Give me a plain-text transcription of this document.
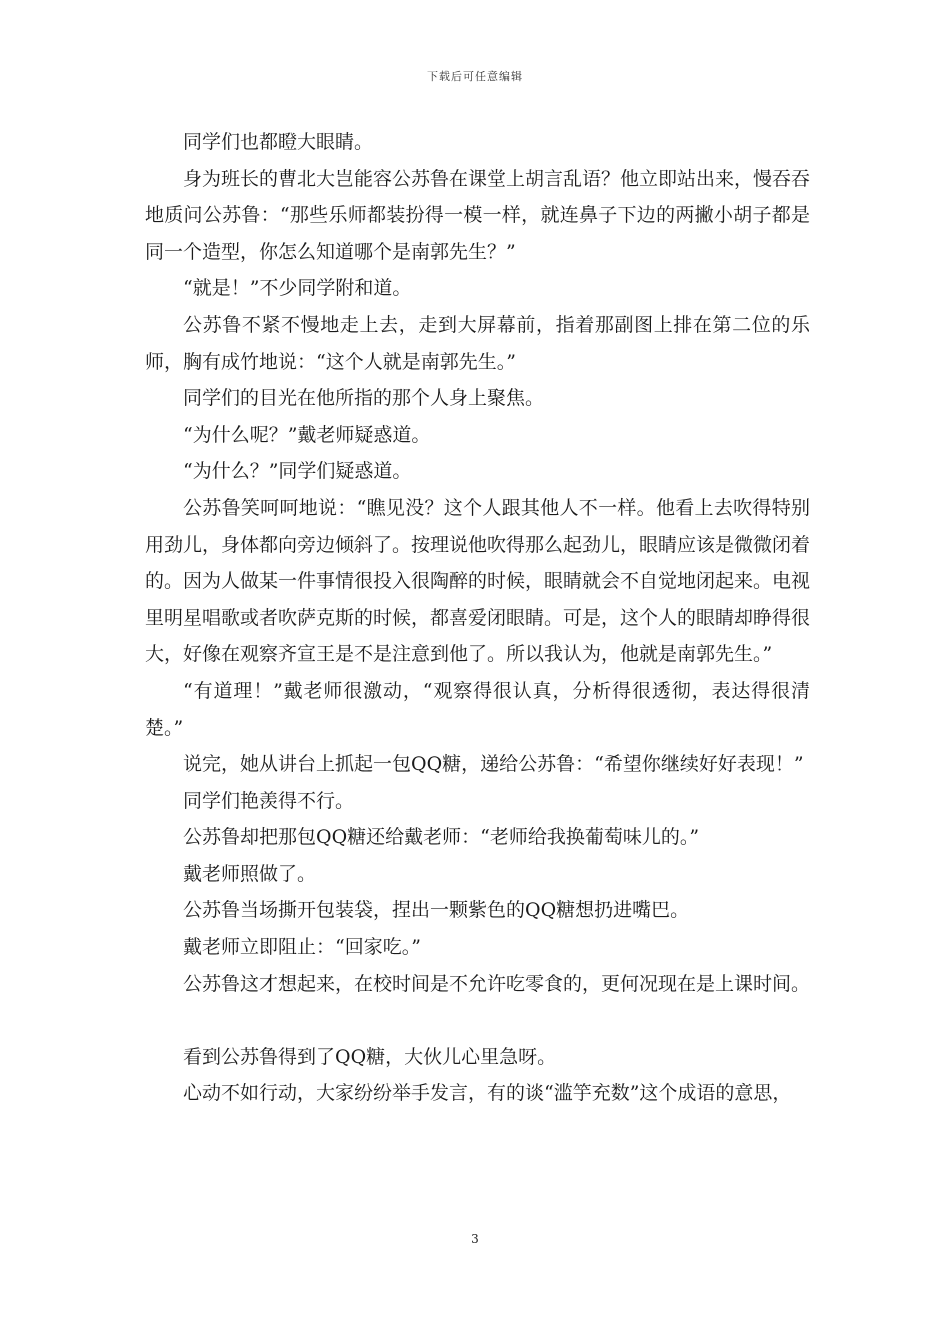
下载后可任意编辑

同学们也都瞪大眼睛。

身为班长的曹北大岂能容公苏鲁在课堂上胡言乱语？他立即站出来，慢吞吞地质问公苏鲁：“那些乐师都装扮得一模一样，就连鼻子下边的两撇小胡子都是同一个造型，你怎么知道哪个是南郭先生？”

“就是！”不少同学附和道。

公苏鲁不紧不慢地走上去，走到大屏幕前，指着那副图上排在第二位的乐师，胸有成竹地说：“这个人就是南郭先生。”

同学们的目光在他所指的那个人身上聚焦。

“为什么呢？”戴老师疑惑道。

“为什么？”同学们疑惑道。

公苏鲁笑呵呵地说：“瞧见没？这个人跟其他人不一样。他看上去吹得特别用劲儿，身体都向旁边倾斜了。按理说他吹得那么起劲儿，眼睛应该是微微闭着的。因为人做某一件事情很投入很陶醉的时候，眼睛就会不自觉地闭起来。电视里明星唱歌或者吹萨克斯的时候，都喜爱闭眼睛。可是，这个人的眼睛却睁得很大，好像在观察齐宣王是不是注意到他了。所以我认为，他就是南郭先生。”

“有道理！”戴老师很激动，“观察得很认真，分析得很透彻，表达得很清楚。”

说完，她从讲台上抓起一包QQ糖，递给公苏鲁：“希望你继续好好表现！”

同学们艳羡得不行。

公苏鲁却把那包QQ糖还给戴老师：“老师给我换葡萄味儿的。”

戴老师照做了。

公苏鲁当场撕开包装袋，捏出一颗紫色的QQ糖想扔进嘴巴。

戴老师立即阻止：“回家吃。”

公苏鲁这才想起来，在校时间是不允许吃零食的，更何况现在是上课时间。

看到公苏鲁得到了QQ糖，大伙儿心里急呀。

心动不如行动，大家纷纷举手发言，有的谈“滥竽充数”这个成语的意思，

3
